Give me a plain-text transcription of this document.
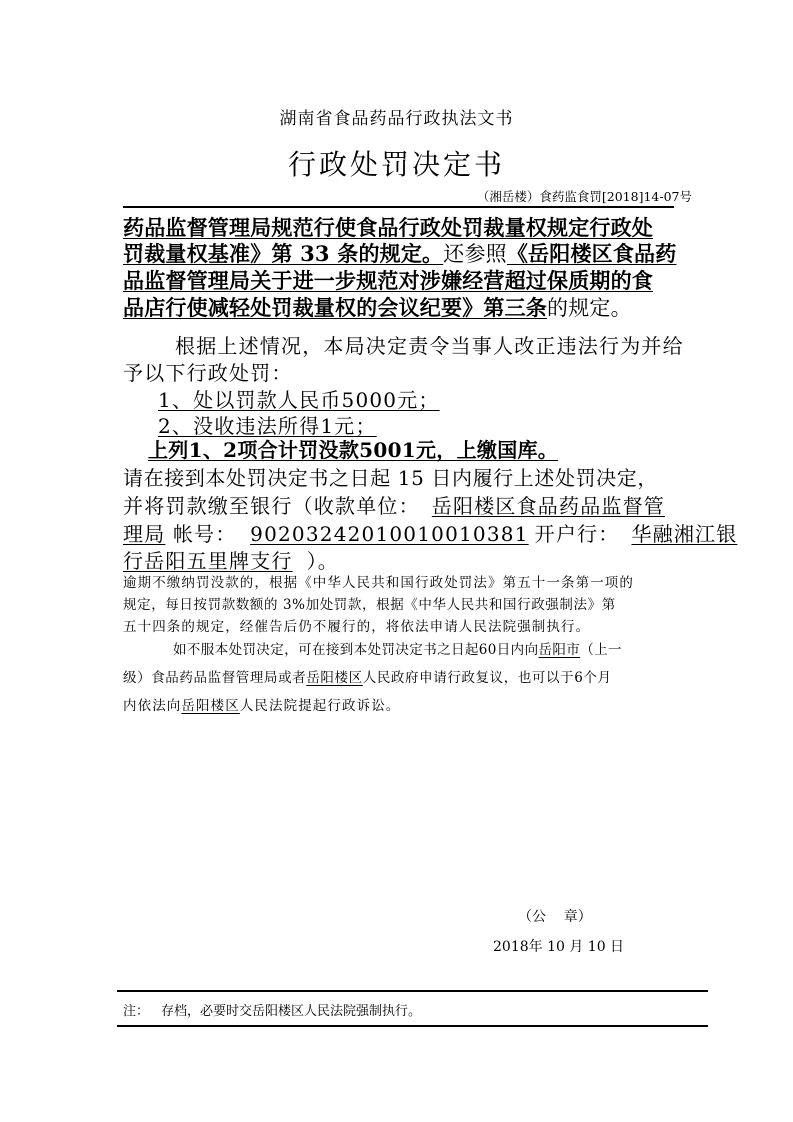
湖南省食品药品行政执法文书
行政处罚决定书
（湘岳楼）食药监食罚[2018]14-07号
药品监督管理局规范行使食品行政处罚裁量权规定行政处
罚裁量权基准》第 33 条的规定。还参照《岳阳楼区食品药
品监督管理局关于进一步规范对涉嫌经营超过保质期的食
品店行使减轻处罚裁量权的会议纪要》第三条的规定。
根据上述情况，本局决定责令当事人改正违法行为并给
予以下行政处罚：
1、处以罚款人民币5000元；
2、没收违法所得1元；
上列1、2项合计罚没款5001元，上缴国库。
请在接到本处罚决定书之日起 15 日内履行上述处罚决定，
并将罚款缴至银行（收款单位： 岳阳楼区食品药品监督管
理局 帐号： 90203242010010010381 开户行： 华融湘江银
行岳阳五里牌支行 ）。
逾期不缴纳罚没款的，根据《中华人民共和国行政处罚法》第五十一条第一项的
规定，每日按罚款数额的 3%加处罚款，根据《中华人民共和国行政强制法》第
五十四条的规定，经催告后仍不履行的，将依法申请人民法院强制执行。
如不服本处罚决定，可在接到本处罚决定书之日起60日内向岳阳市（上一
级）食品药品监督管理局或者岳阳楼区人民政府申请行政复议，也可以于6个月
内依法向岳阳楼区人民法院提起行政诉讼。
（公    章）
2018年 10 月 10 日
注： 存档，必要时交岳阳楼区人民法院强制执行。
